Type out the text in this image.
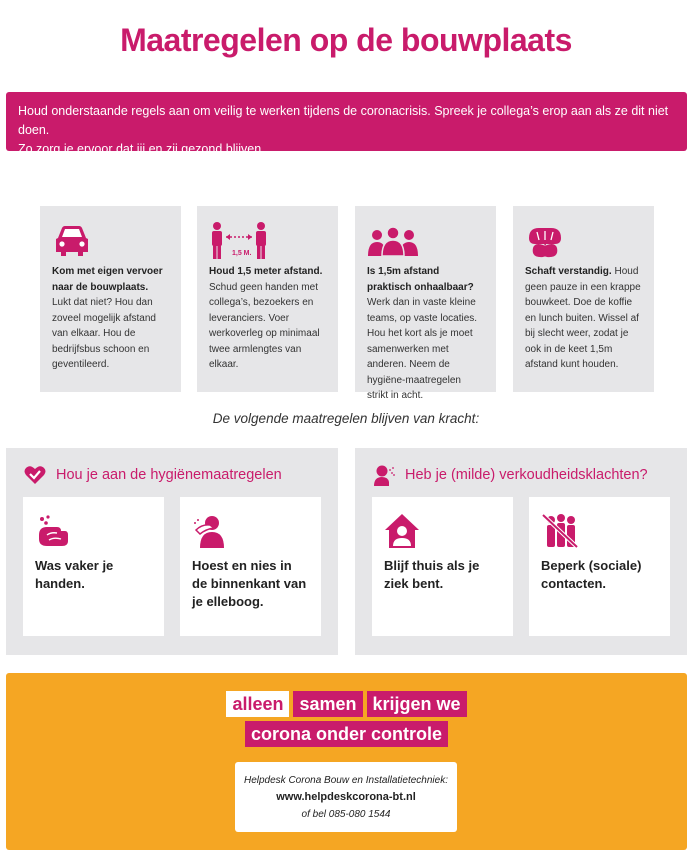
Maatregelen op de bouwplaats
Houd onderstaande regels aan om veilig te werken tijdens de coronacrisis. Spreek je collega’s erop aan als ze dit niet doen.
Zo zorg je ervoor dat jij en zij gezond blijven.
Kom met eigen vervoer naar de bouwplaats. Lukt dat niet? Hou dan zoveel mogelijk afstand van elkaar. Hou de bedrijfsbus schoon en geventileerd.
1,5 M.
Houd 1,5 meter afstand. Schud geen handen met collega’s, bezoekers en leveranciers. Voer werkoverleg op minimaal twee armlengtes van elkaar.
Is 1,5m afstand praktisch onhaalbaar? Werk dan in vaste kleine teams, op vaste locaties. Hou het kort als je moet samenwerken met anderen. Neem de hygiëne-maatregelen strikt in acht.
Schaft verstandig. Houd geen pauze in een krappe bouwkeet. Doe de koffie en lunch buiten. Wissel af bij slecht weer, zodat je ook in de keet 1,5m afstand kunt houden.
De volgende maatregelen blijven van kracht:
Hou je aan de hygiënemaatregelen
Was vaker je handen.
Hoest en nies in de binnenkant van je elleboog.
Heb je (milde) verkoudheidsklachten?
Blijf thuis als je ziek bent.
Beperk (sociale) contacten.
alleen samen krijgen we
corona onder controle
Helpdesk Corona Bouw en Installatietechniek:
www.helpdeskcorona-bt.nl
of bel 085-080 1544
